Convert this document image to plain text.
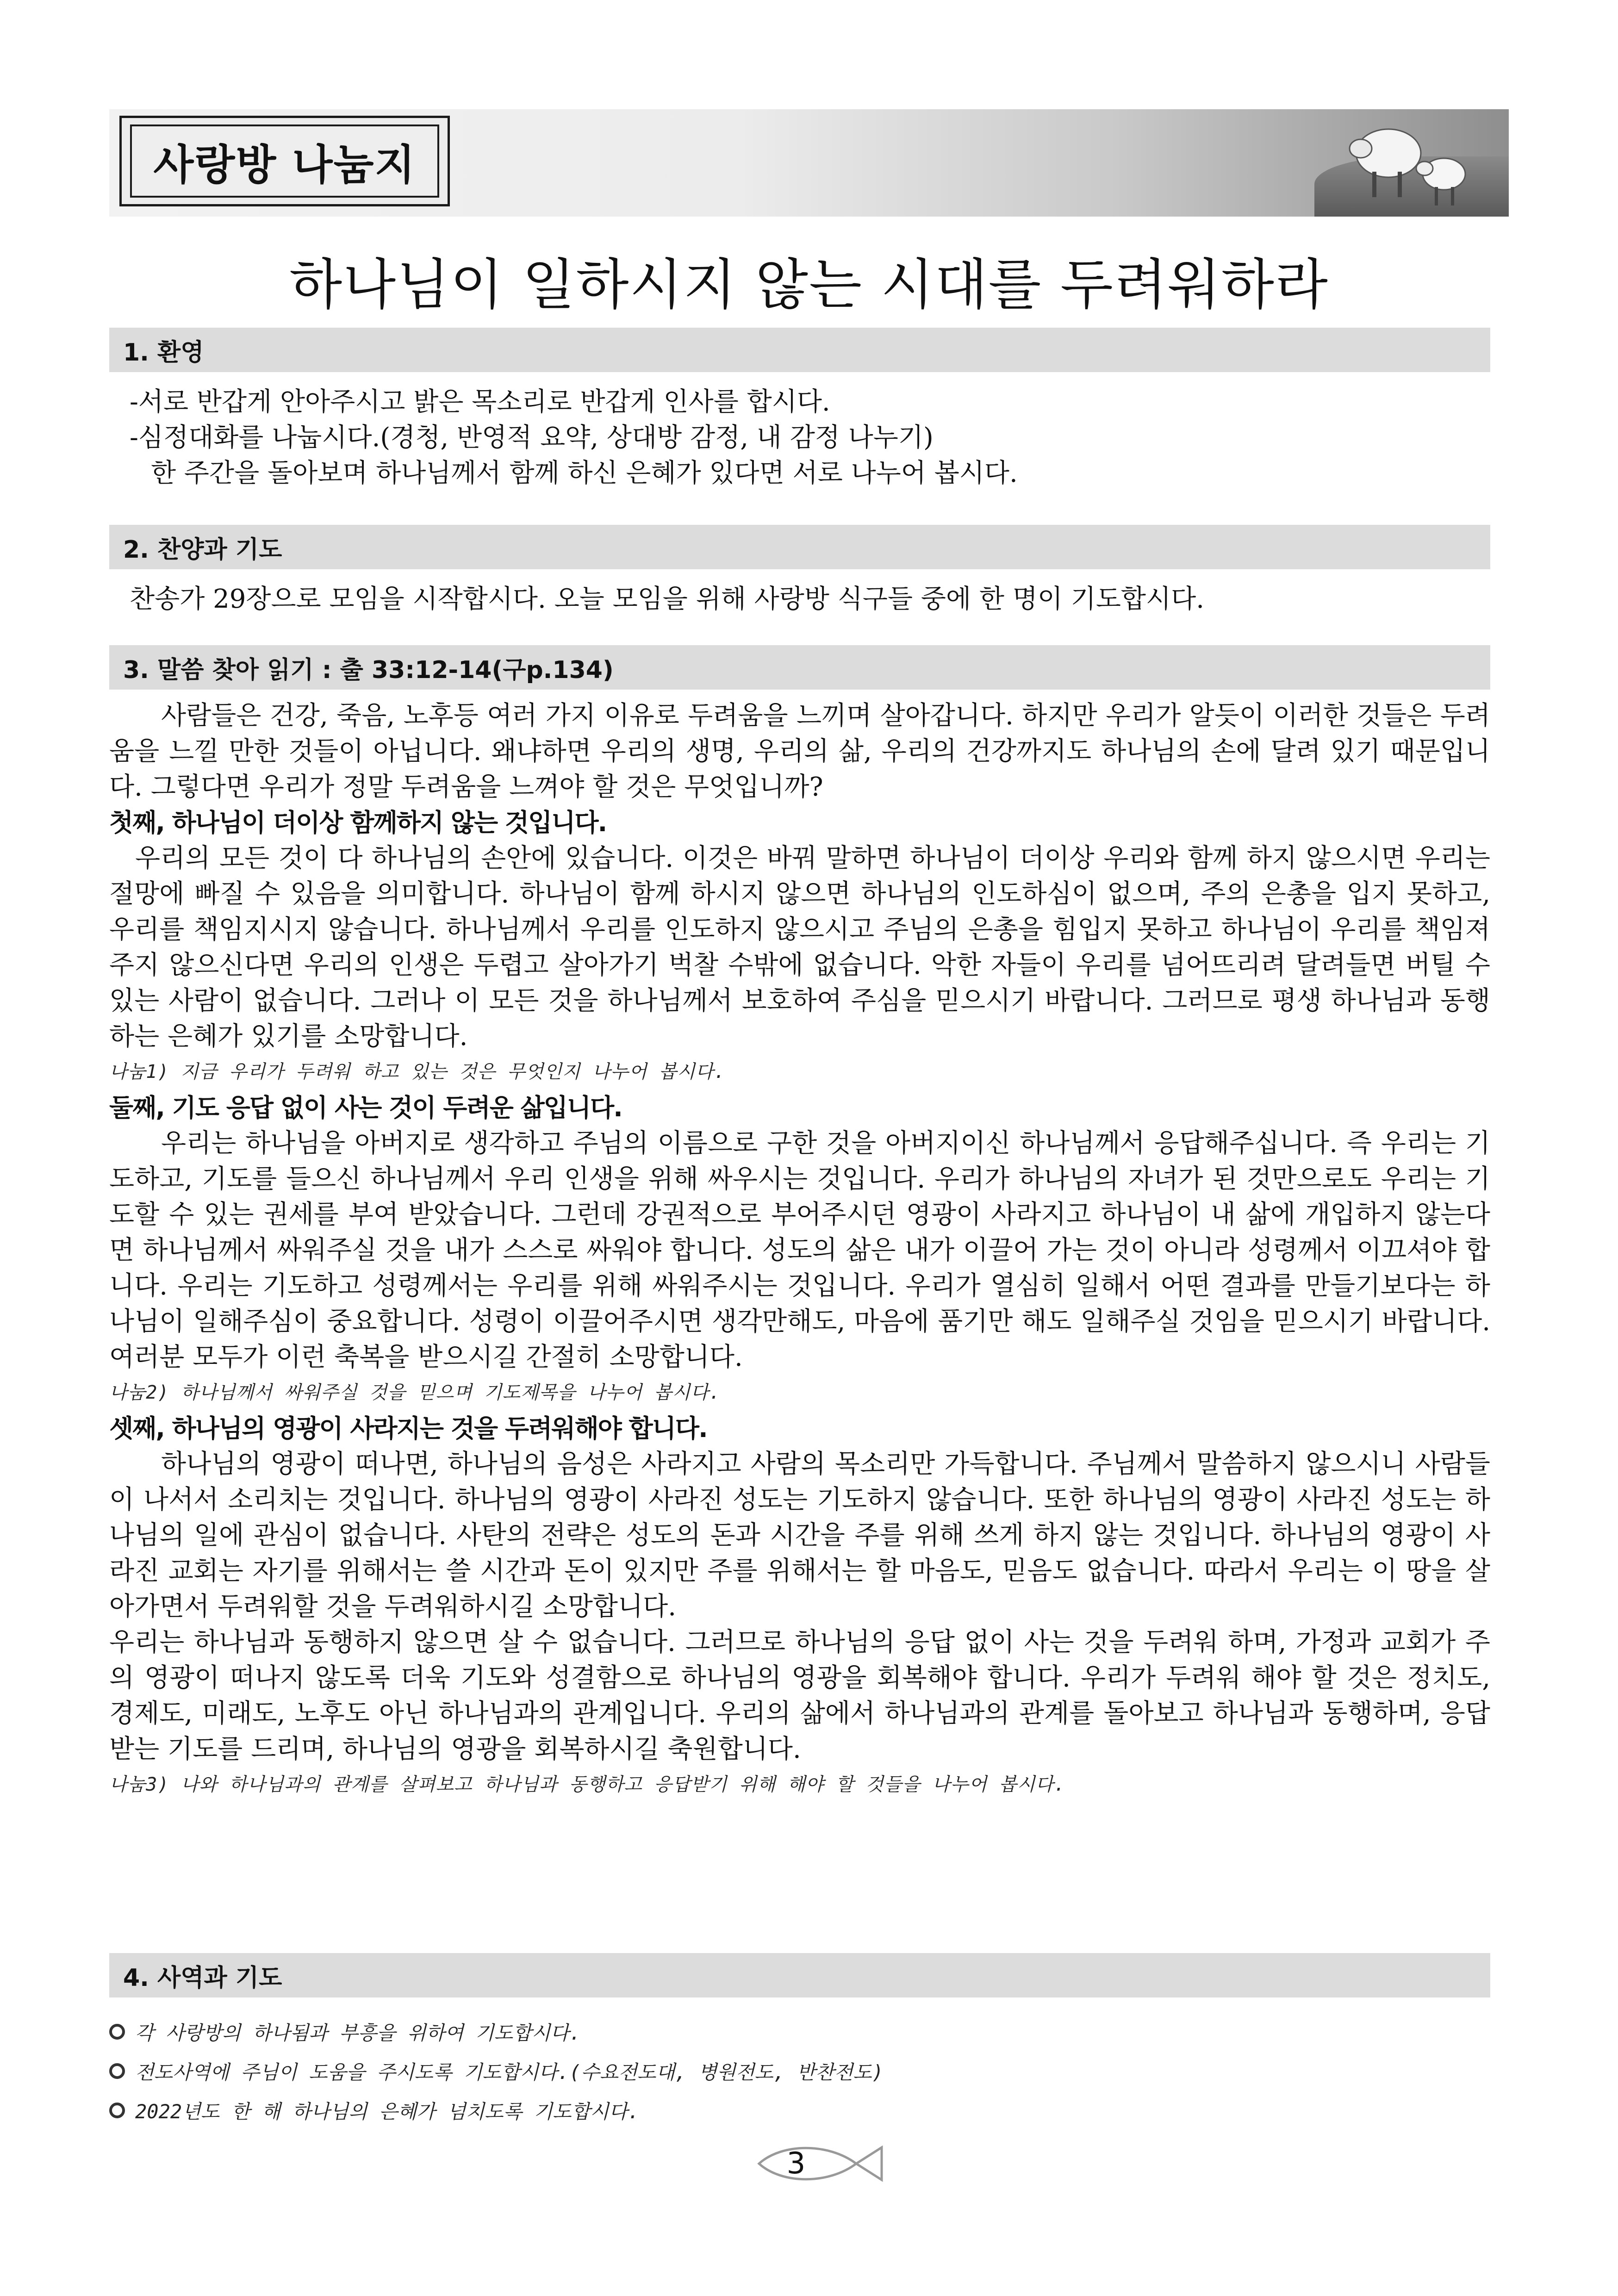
사랑방 나눔지
하나님이 일하시지 않는 시대를 두려워하라
1. 환영

-서로 반갑게 안아주시고 밝은 목소리로 반갑게 인사를 합시다.

-심정대화를 나눕시다.(경청, 반영적 요약, 상대방 감정, 내 감정 나누기)

한 주간을 돌아보며 하나님께서 함께 하신 은혜가 있다면 서로 나누어 봅시다.

2. 찬양과 기도
찬송가 29장으로 모임을 시작합시다. 오늘 모임을 위해 사랑방 식구들 중에 한 명이 기도합시다.
3. 말씀 찾아 읽기 : 출 33:12-14(구p.134)

사람들은 건강, 죽음, 노후등 여러 가지 이유로 두려움을 느끼며 살아갑니다. 하지만 우리가 알듯이 이러한 것들은 두려움을 느낄 만한 것들이 아닙니다. 왜냐하면 우리의 생명, 우리의 삶, 우리의 건강까지도 하나님의 손에 달려 있기 때문입니다. 그렇다면 우리가 정말 두려움을 느껴야 할 것은 무엇입니까?

첫째, 하나님이 더이상 함께하지 않는 것입니다.

우리의 모든 것이 다 하나님의 손안에 있습니다. 이것은 바꿔 말하면 하나님이 더이상 우리와 함께 하지 않으시면 우리는 절망에 빠질 수 있음을 의미합니다. 하나님이 함께 하시지 않으면 하나님의 인도하심이 없으며, 주의 은총을 입지 못하고, 우리를 책임지시지 않습니다. 하나님께서 우리를 인도하지 않으시고 주님의 은총을 힘입지 못하고 하나님이 우리를 책임져 주지 않으신다면 우리의 인생은 두렵고 살아가기 벅찰 수밖에 없습니다. 악한 자들이 우리를 넘어뜨리려 달려들면 버틸 수 있는 사람이 없습니다. 그러나 이 모든 것을 하나님께서 보호하여 주심을 믿으시기 바랍니다. 그러므로 평생 하나님과 동행하는 은혜가 있기를 소망합니다.

나눔1) 지금 우리가 두려워 하고 있는 것은 무엇인지 나누어 봅시다.

둘째, 기도 응답 없이 사는 것이 두려운 삶입니다.

우리는 하나님을 아버지로 생각하고 주님의 이름으로 구한 것을 아버지이신 하나님께서 응답해주십니다. 즉 우리는 기도하고, 기도를 들으신 하나님께서 우리 인생을 위해 싸우시는 것입니다. 우리가 하나님의 자녀가 된 것만으로도 우리는 기도할 수 있는 권세를 부여 받았습니다. 그런데 강권적으로 부어주시던 영광이 사라지고 하나님이 내 삶에 개입하지 않는다면 하나님께서 싸워주실 것을 내가 스스로 싸워야 합니다. 성도의 삶은 내가 이끌어 가는 것이 아니라 성령께서 이끄셔야 합니다. 우리는 기도하고 성령께서는 우리를 위해 싸워주시는 것입니다. 우리가 열심히 일해서 어떤 결과를 만들기보다는 하나님이 일해주심이 중요합니다. 성령이 이끌어주시면 생각만해도, 마음에 품기만 해도 일해주실 것임을 믿으시기 바랍니다. 여러분 모두가 이런 축복을 받으시길 간절히 소망합니다.

나눔2) 하나님께서 싸워주실 것을 믿으며 기도제목을 나누어 봅시다.

셋째, 하나님의 영광이 사라지는 것을 두려워해야 합니다.

하나님의 영광이 떠나면, 하나님의 음성은 사라지고 사람의 목소리만 가득합니다. 주님께서 말씀하지 않으시니 사람들이 나서서 소리치는 것입니다. 하나님의 영광이 사라진 성도는 기도하지 않습니다. 또한 하나님의 영광이 사라진 성도는 하나님의 일에 관심이 없습니다. 사탄의 전략은 성도의 돈과 시간을 주를 위해 쓰게 하지 않는 것입니다. 하나님의 영광이 사라진 교회는 자기를 위해서는 쓸 시간과 돈이 있지만 주를 위해서는 할 마음도, 믿음도 없습니다. 따라서 우리는 이 땅을 살아가면서 두려워할 것을 두려워하시길 소망합니다.

우리는 하나님과 동행하지 않으면 살 수 없습니다. 그러므로 하나님의 응답 없이 사는 것을 두려워 하며, 가정과 교회가 주의 영광이 떠나지 않도록 더욱 기도와 성결함으로 하나님의 영광을 회복해야 합니다. 우리가 두려워 해야 할 것은 정치도, 경제도, 미래도, 노후도 아닌 하나님과의 관계입니다. 우리의 삶에서 하나님과의 관계를 돌아보고 하나님과 동행하며, 응답받는 기도를 드리며, 하나님의 영광을 회복하시길 축원합니다.

나눔3) 나와 하나님과의 관계를 살펴보고 하나님과 동행하고 응답받기 위해 해야 할 것들을 나누어 봅시다.

4. 사역과 기도
각 사랑방의 하나됨과 부흥을 위하여 기도합시다.
전도사역에 주님이 도움을 주시도록 기도합시다.(수요전도대, 병원전도, 반찬전도)
2022년도 한 해 하나님의 은혜가 넘치도록 기도합시다.
3
